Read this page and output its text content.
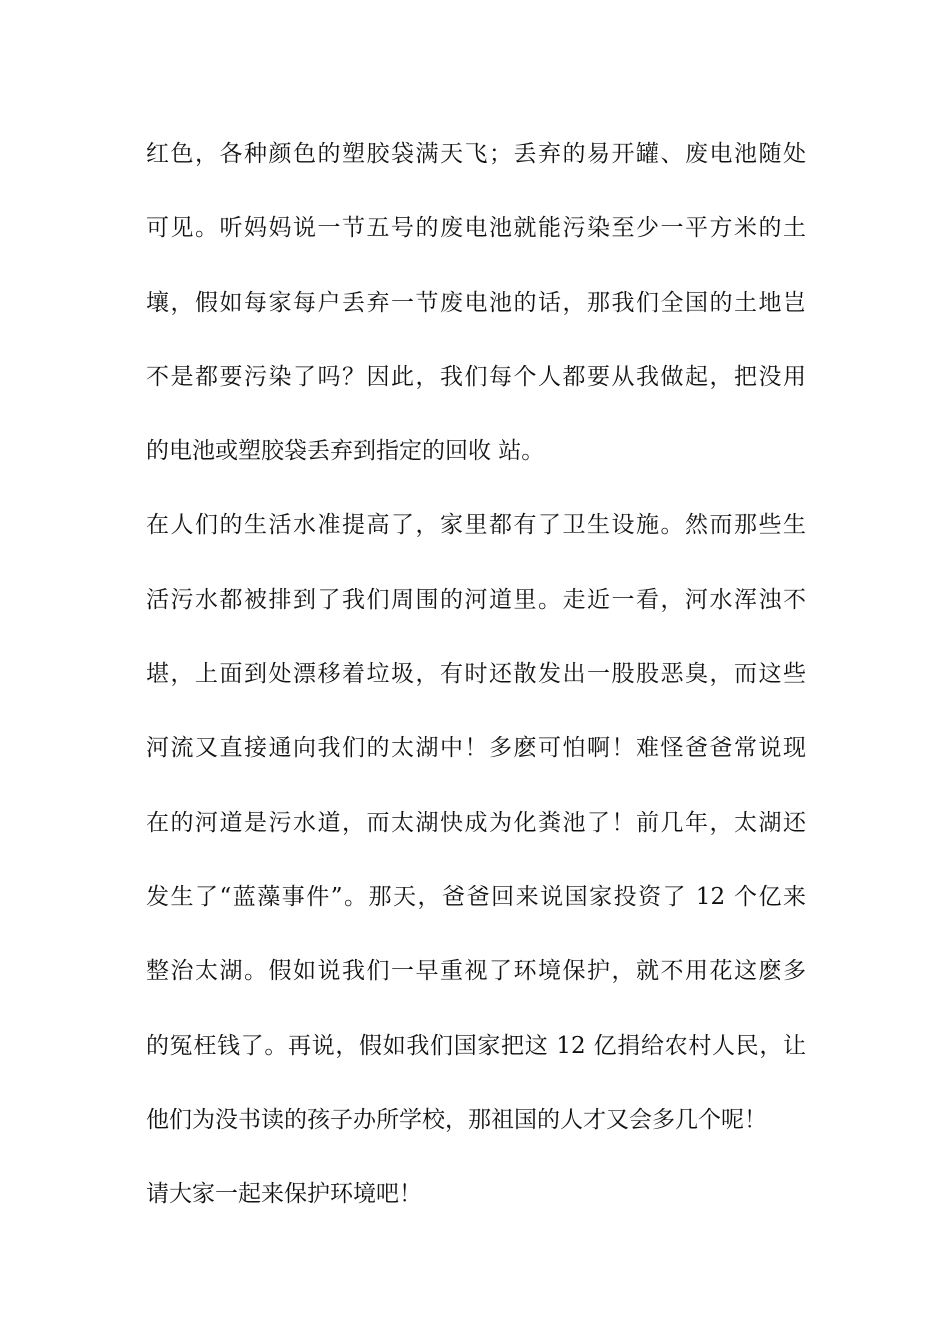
红色，各种颜色的塑胶袋满天飞；丢弃的易开罐、废电池随处
可见。听妈妈说一节五号的废电池就能污染至少一平方米的土
壤，假如每家每户丢弃一节废电池的话，那我们全国的土地岂
不是都要污染了吗？因此，我们每个人都要从我做起，把没用
的电池或塑胶袋丢弃到指定的回收 站。
在人们的生活水准提高了，家里都有了卫生设施。然而那些生
活污水都被排到了我们周围的河道里。走近一看，河水浑浊不
堪，上面到处漂移着垃圾，有时还散发出一股股恶臭，而这些
河流又直接通向我们的太湖中！多麽可怕啊！难怪爸爸常说现
在的河道是污水道，而太湖快成为化粪池了！前几年，太湖还
发生了“蓝藻事件”。那天，爸爸回来说国家投资了 12 个亿来
整治太湖。假如说我们一早重视了环境保护，就不用花这麽多
的冤枉钱了。再说，假如我们国家把这 12 亿捐给农村人民，让
他们为没书读的孩子办所学校，那祖国的人才又会多几个呢！
请大家一起来保护环境吧！
